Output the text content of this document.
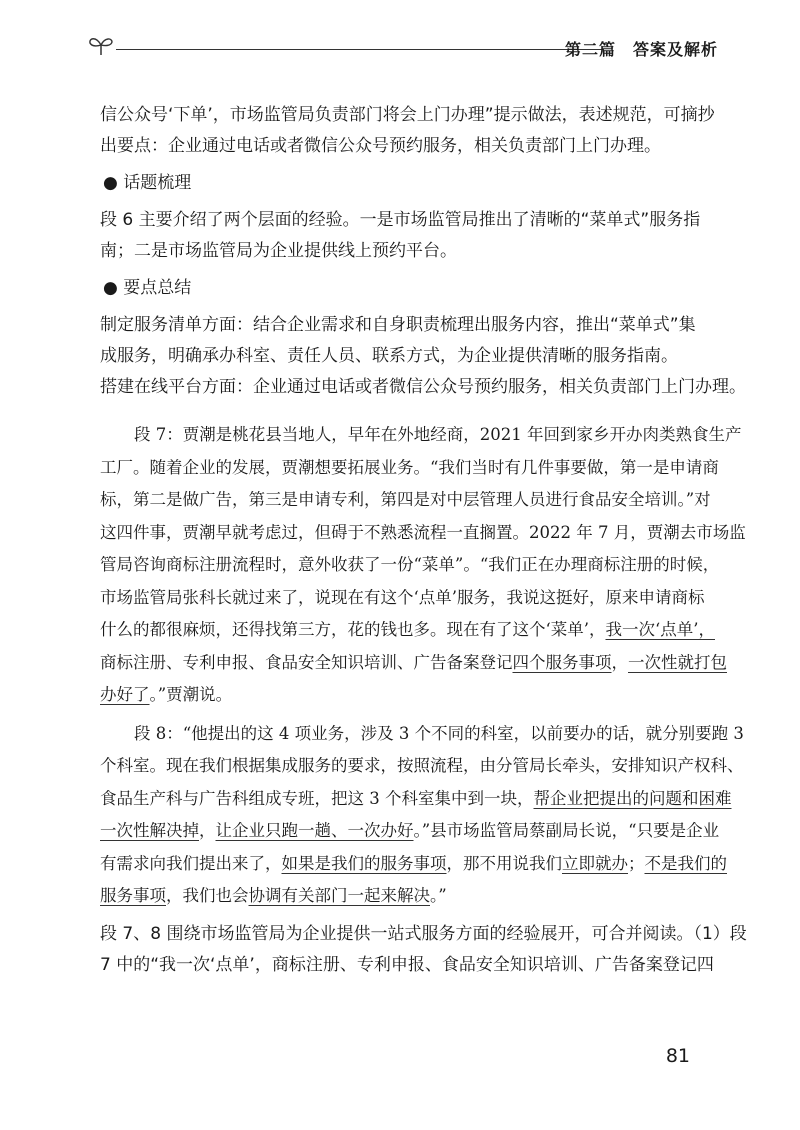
第二篇　答案及解析

信公众号‘下单’，市场监管局负责部门将会上门办理”提示做法，表述规范，可摘抄

出要点：企业通过电话或者微信公众号预约服务，相关负责部门上门办理。

● 话题梳理

段 6 主要介绍了两个层面的经验。一是市场监管局推出了清晰的“菜单式”服务指

南；二是市场监管局为企业提供线上预约平台。

● 要点总结

制定服务清单方面：结合企业需求和自身职责梳理出服务内容，推出“菜单式”集

成服务，明确承办科室、责任人员、联系方式，为企业提供清晰的服务指南。

搭建在线平台方面：企业通过电话或者微信公众号预约服务，相关负责部门上门办理。

段 7：贾潮是桃花县当地人，早年在外地经商，2021 年回到家乡开办肉类熟食生产

工厂。随着企业的发展，贾潮想要拓展业务。“我们当时有几件事要做，第一是申请商

标，第二是做广告，第三是申请专利，第四是对中层管理人员进行食品安全培训。”对

这四件事，贾潮早就考虑过，但碍于不熟悉流程一直搁置。2022 年 7 月，贾潮去市场监

管局咨询商标注册流程时，意外收获了一份“菜单”。“我们正在办理商标注册的时候，

市场监管局张科长就过来了，说现在有这个‘点单’服务，我说这挺好，原来申请商标

什么的都很麻烦，还得找第三方，花的钱也多。现在有了这个‘菜单’，我一次‘点单’，

商标注册、专利申报、食品安全知识培训、广告备案登记四个服务事项，一次性就打包

办好了。”贾潮说。

段 8：“他提出的这 4 项业务，涉及 3 个不同的科室，以前要办的话，就分别要跑 3

个科室。现在我们根据集成服务的要求，按照流程，由分管局长牵头，安排知识产权科、

食品生产科与广告科组成专班，把这 3 个科室集中到一块，帮企业把提出的问题和困难

一次性解决掉，让企业只跑一趟、一次办好。”县市场监管局蔡副局长说，“只要是企业

有需求向我们提出来了，如果是我们的服务事项，那不用说我们立即就办；不是我们的

服务事项，我们也会协调有关部门一起来解决。”

段 7、8 围绕市场监管局为企业提供一站式服务方面的经验展开，可合并阅读。（1）段

7 中的“我一次‘点单’，商标注册、专利申报、食品安全知识培训、广告备案登记四

81
